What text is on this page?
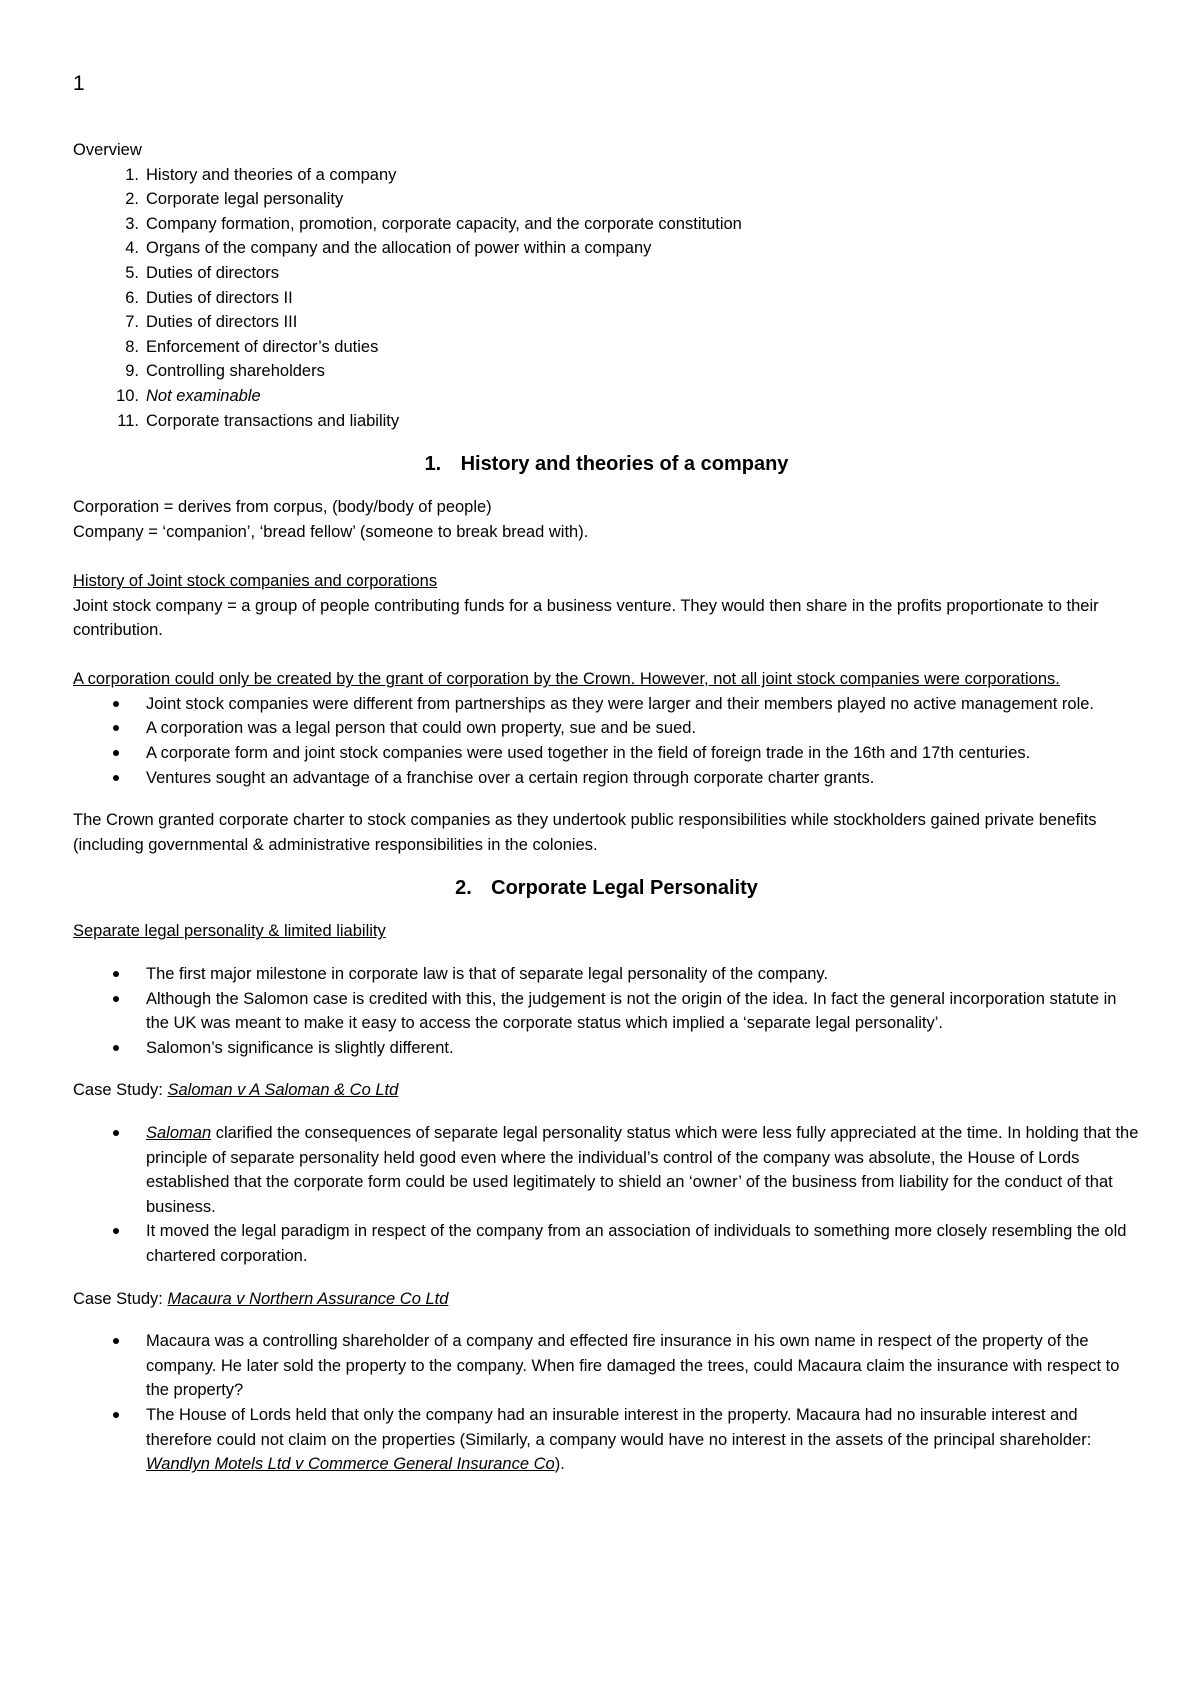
1

Overview

1. History and theories of a company
2. Corporate legal personality
3. Company formation, promotion, corporate capacity, and the corporate constitution
4. Organs of the company and the allocation of power within a company
5. Duties of directors
6. Duties of directors II
7. Duties of directors III
8. Enforcement of director’s duties
9. Controlling shareholders
10. Not examinable
11. Corporate transactions and liability
1. History and theories of a company

Corporation = derives from corpus, (body/body of people)

Company = ‘companion’, ‘bread fellow’ (someone to break bread with).

History of Joint stock companies and corporations

Joint stock company = a group of people contributing funds for a business venture. They would then share in the profits proportionate to their contribution.

A corporation could only be created by the grant of corporation by the Crown. However, not all joint stock companies were corporations.

Joint stock companies were different from partnerships as they were larger and their members played no active management role.
A corporation was a legal person that could own property, sue and be sued.
A corporate form and joint stock companies were used together in the field of foreign trade in the 16th and 17th centuries.
Ventures sought an advantage of a franchise over a certain region through corporate charter grants.

The Crown granted corporate charter to stock companies as they undertook public responsibilities while stockholders gained private benefits (including governmental & administrative responsibilities in the colonies.

2. Corporate Legal Personality

Separate legal personality & limited liability

The first major milestone in corporate law is that of separate legal personality of the company.
Although the Salomon case is credited with this, the judgement is not the origin of the idea. In fact the general incorporation statute in the UK was meant to make it easy to access the corporate status which implied a ‘separate legal personality’.
Salomon’s significance is slightly different.

Case Study: Saloman v A Saloman & Co Ltd

Saloman clarified the consequences of separate legal personality status which were less fully appreciated at the time. In holding that the principle of separate personality held good even where the individual’s control of the company was absolute, the House of Lords established that the corporate form could be used legitimately to shield an ‘owner’ of the business from liability for the conduct of that business.
It moved the legal paradigm in respect of the company from an association of individuals to something more closely resembling the old chartered corporation.

Case Study: Macaura v Northern Assurance Co Ltd

Macaura was a controlling shareholder of a company and effected fire insurance in his own name in respect of the property of the company. He later sold the property to the company. When fire damaged the trees, could Macaura claim the insurance with respect to the property?
The House of Lords held that only the company had an insurable interest in the property. Macaura had no insurable interest and therefore could not claim on the properties (Similarly, a company would have no interest in the assets of the principal shareholder: Wandlyn Motels Ltd v Commerce General Insurance Co).
